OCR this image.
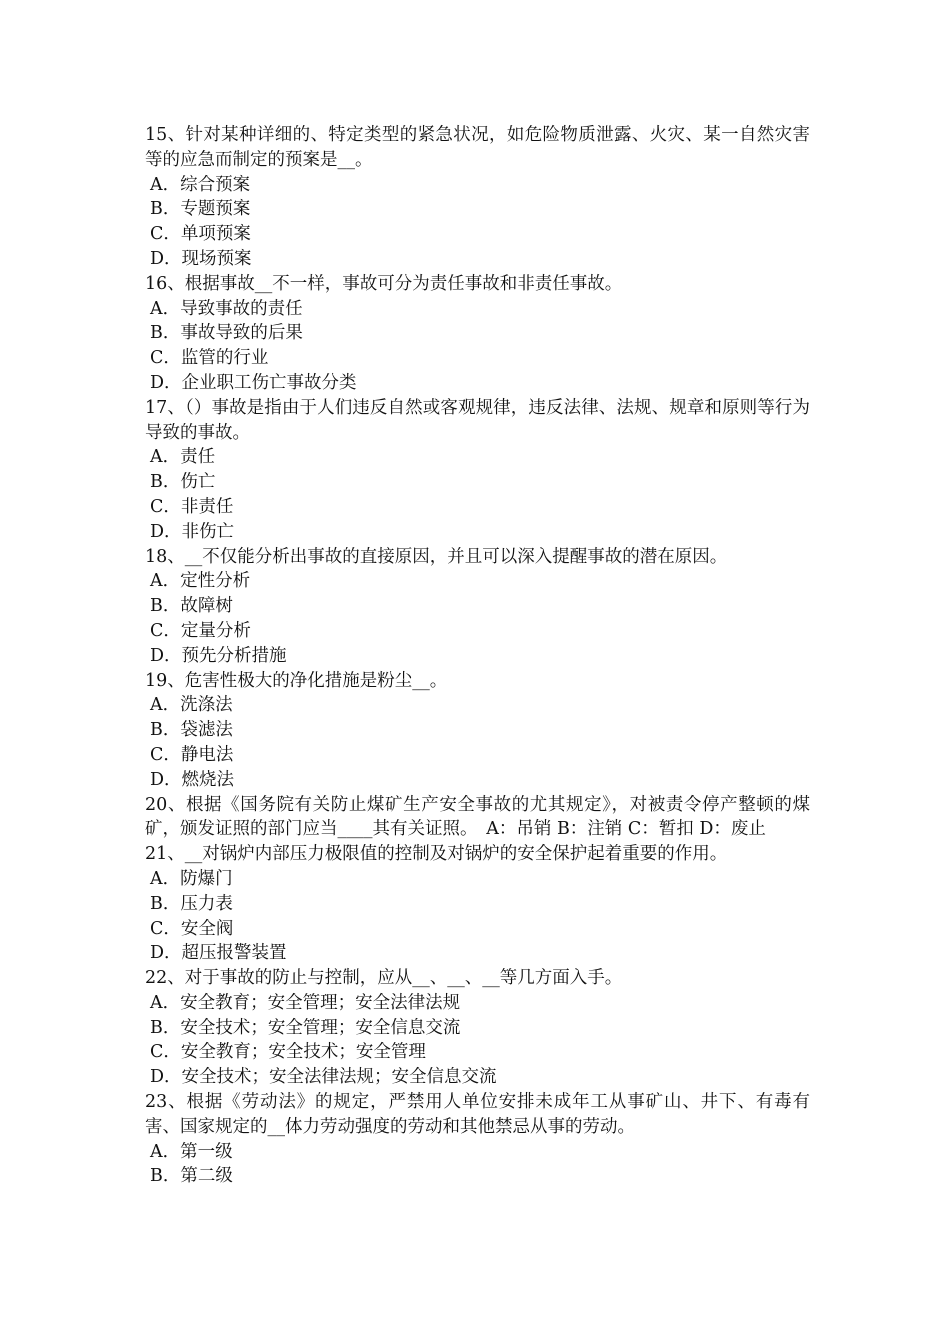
15、针对某种详细的、特定类型的紧急状况，如危险物质泄露、火灾、某一自然灾害等的应急而制定的预案是__。

A．综合预案

B．专题预案

C．单项预案

D．现场预案

16、根据事故__不一样，事故可分为责任事故和非责任事故。

A．导致事故的责任

B．事故导致的后果

C．监管的行业

D．企业职工伤亡事故分类

17、（）事故是指由于人们违反自然或客观规律，违反法律、法规、规章和原则等行为导致的事故。

A．责任

B．伤亡

C．非责任

D．非伤亡

18、__不仅能分析出事故的直接原因，并且可以深入提醒事故的潜在原因。

A．定性分析

B．故障树

C．定量分析

D．预先分析措施

19、危害性极大的净化措施是粉尘__。

A．洗涤法

B．袋滤法

C．静电法

D．燃烧法

20、根据《国务院有关防止煤矿生产安全事故的尤其规定》，对被责令停产整顿的煤矿，颁发证照的部门应当____其有关证照。　A：吊销 B：注销 C：暂扣 D：废止

21、__对锅炉内部压力极限值的控制及对锅炉的安全保护起着重要的作用。

A．防爆门

B．压力表

C．安全阀

D．超压报警装置

22、对于事故的防止与控制，应从__、__、__等几方面入手。

A．安全教育；安全管理；安全法律法规

B．安全技术；安全管理；安全信息交流

C．安全教育；安全技术；安全管理

D．安全技术；安全法律法规；安全信息交流

23、根据《劳动法》的规定，严禁用人单位安排未成年工从事矿山、井下、有毒有害、国家规定的__体力劳动强度的劳动和其他禁忌从事的劳动。

A．第一级

B．第二级
